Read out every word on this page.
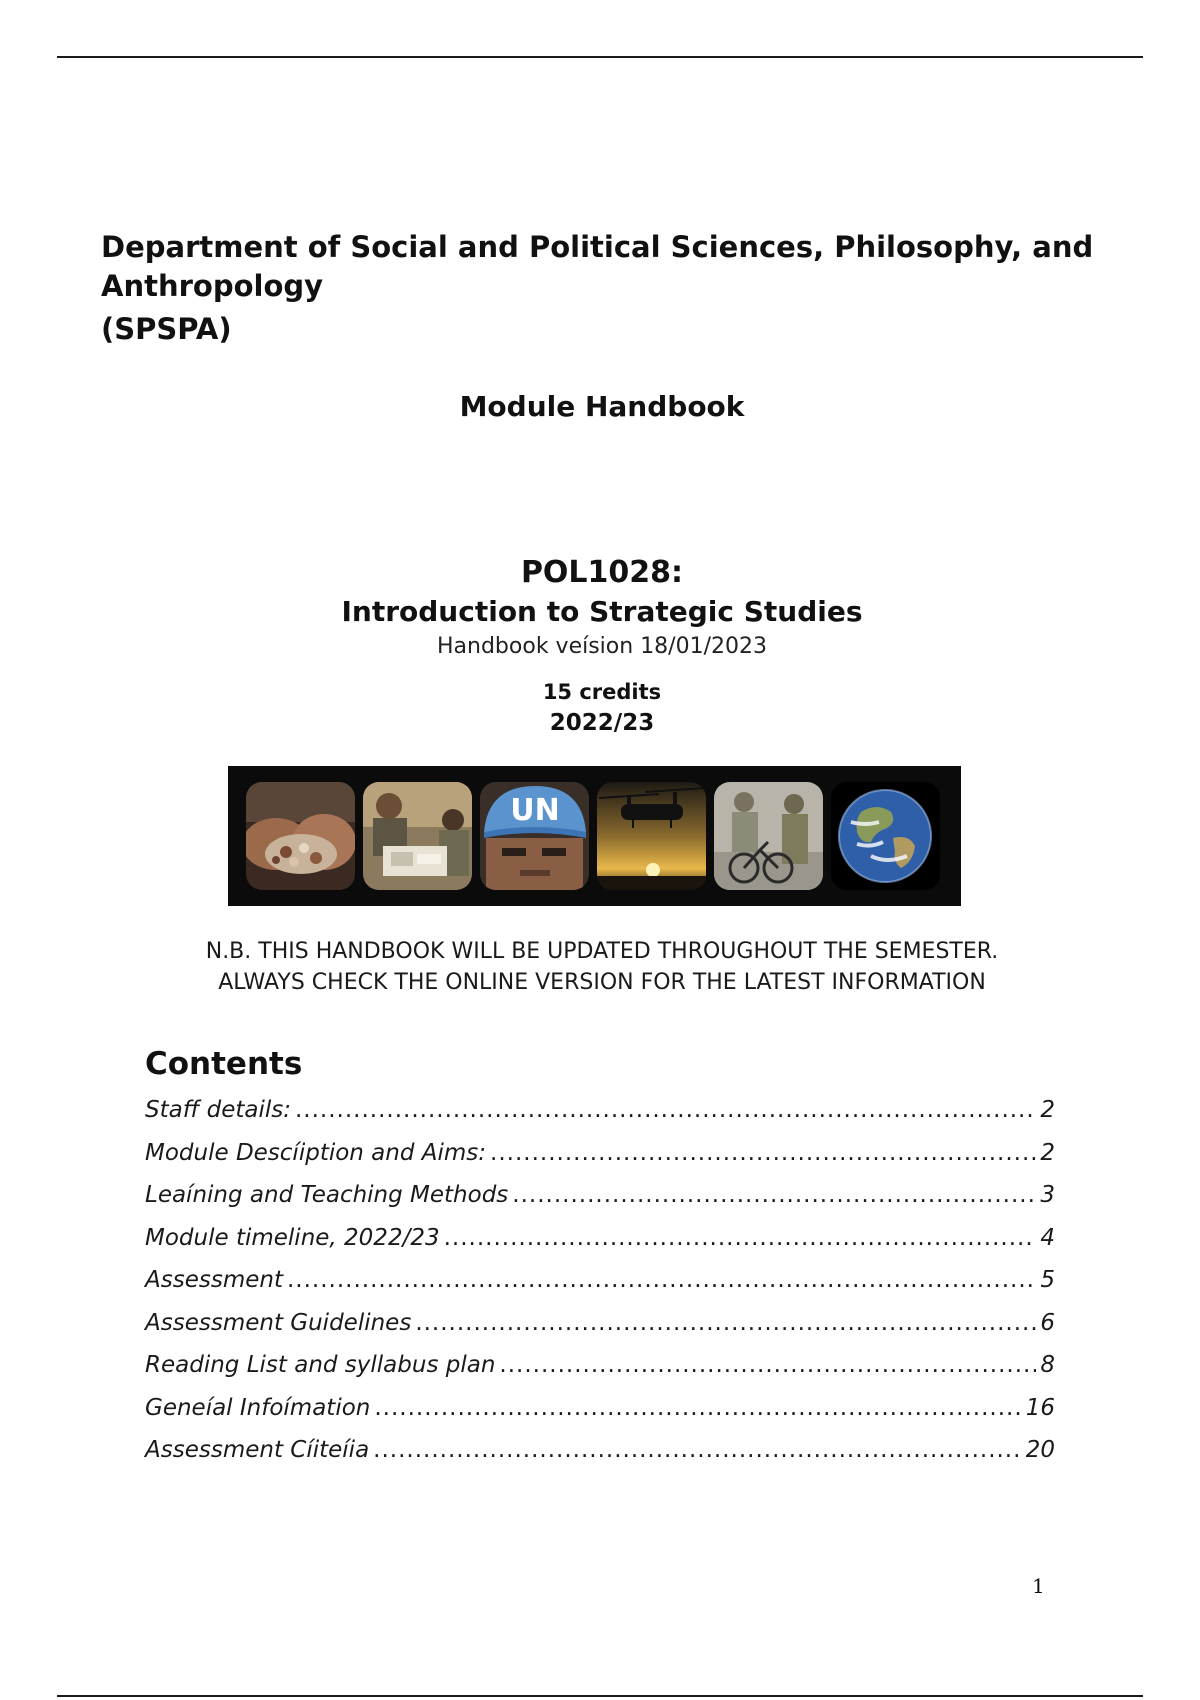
Department of Social and Political Sciences, Philosophy, and
Anthropology
(SPSPA)
Module Handbook
POL1028:
Introduction to Strategic Studies
Handbook veísion 18/01/2023
15 credits
2022/23
UN
N.B. THIS HANDBOOK WILL BE UPDATED THROUGHOUT THE SEMESTER.
ALWAYS CHECK THE ONLINE VERSION FOR THE LATEST INFORMATION
Contents
Staff details: .....	2
Module Descíiption and Aims: .....	2
Leaíning and Teaching Methods .....	3
Module timeline, 2022/23 .....	4
Assessment .....	5
Assessment Guidelines .....	6
Reading List and syllabus plan .....	8
Geneíal Infoímation .....	16
Assessment Cíiteíia .....	20
1
